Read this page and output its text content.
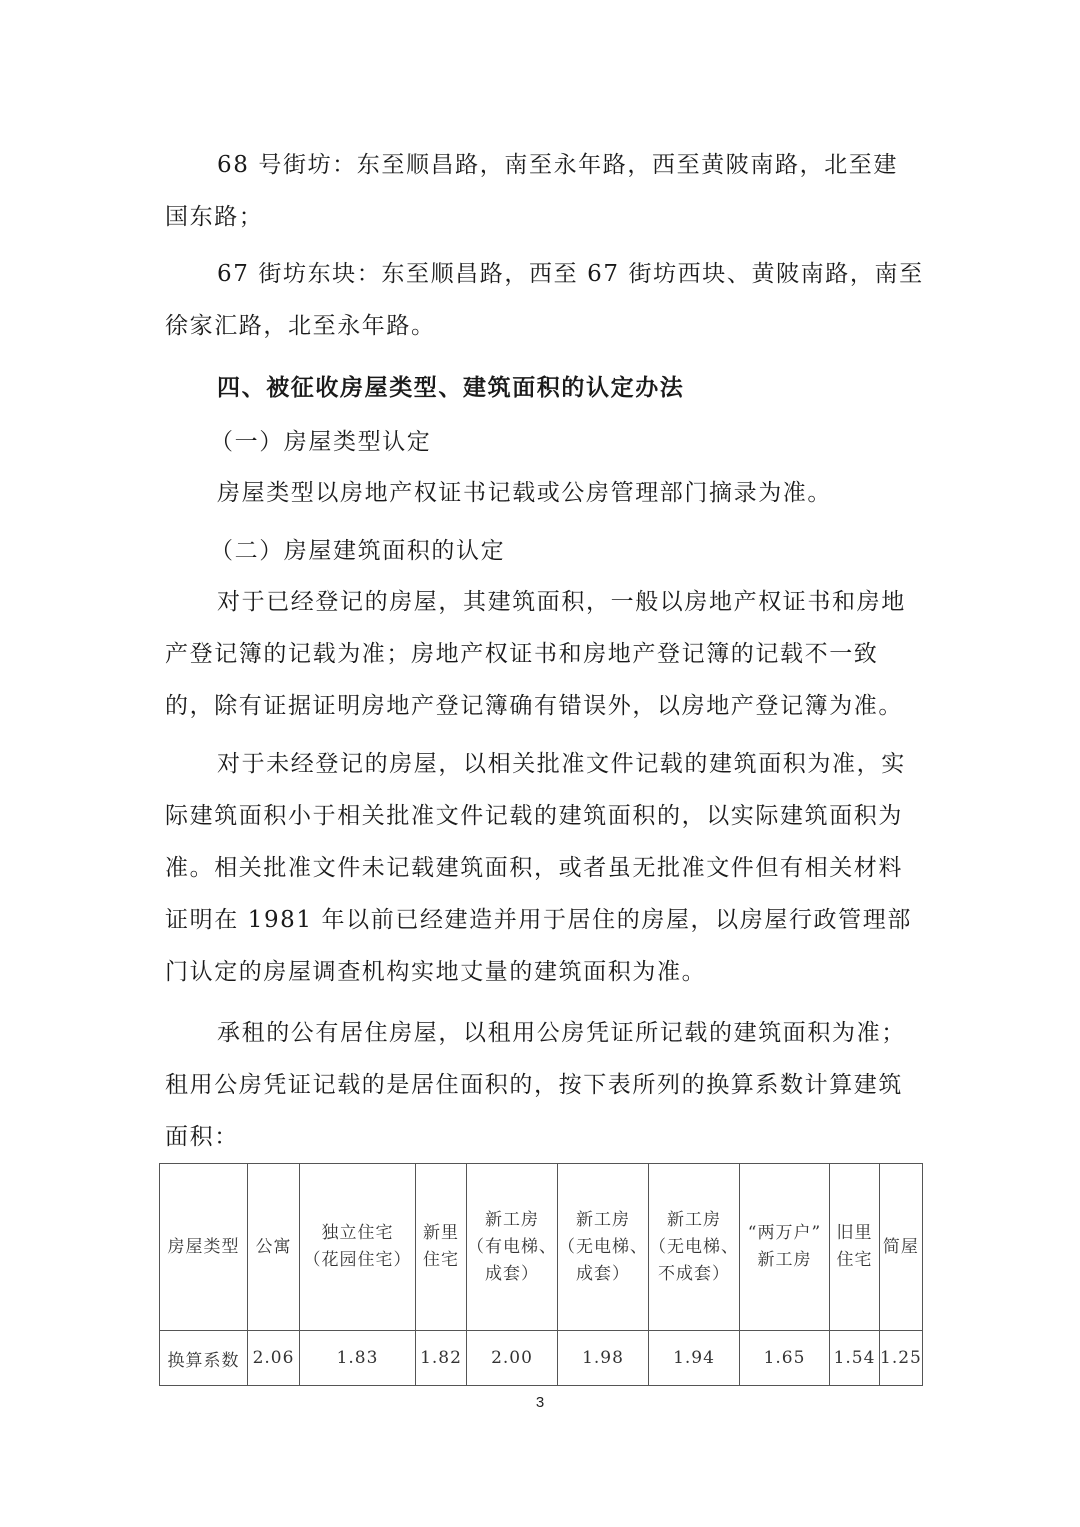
68 号街坊：东至顺昌路，南至永年路，西至黄陂南路，北至建
国东路；

67 街坊东块：东至顺昌路，西至 67 街坊西块、黄陂南路，南至
徐家汇路，北至永年路。

四、被征收房屋类型、建筑面积的认定办法

（一）房屋类型认定

房屋类型以房地产权证书记载或公房管理部门摘录为准。

（二）房屋建筑面积的认定

对于已经登记的房屋，其建筑面积，一般以房地产权证书和房地
产登记簿的记载为准；房地产权证书和房地产登记簿的记载不一致
的，除有证据证明房地产登记簿确有错误外，以房地产登记簿为准。

对于未经登记的房屋，以相关批准文件记载的建筑面积为准，实
际建筑面积小于相关批准文件记载的建筑面积的，以实际建筑面积为
准。相关批准文件未记载建筑面积，或者虽无批准文件但有相关材料
证明在 1981 年以前已经建造并用于居住的房屋，以房屋行政管理部
门认定的房屋调查机构实地丈量的建筑面积为准。

承租的公有居住房屋，以租用公房凭证所记载的建筑面积为准；
租用公房凭证记载的是居住面积的，按下表所列的换算系数计算建筑
面积：

房屋类型	公寓	独立住宅
（花园住宅）	新里
住宅	新工房
（有电梯、
成套）	新工房
（无电梯、
成套）	新工房
（无电梯、
不成套）	“两万户”
新工房	旧里
住宅	简屋

换算系数	2.06	1.83	1.82	2.00	1.98	1.94	1.65	1.54	1.25
3
